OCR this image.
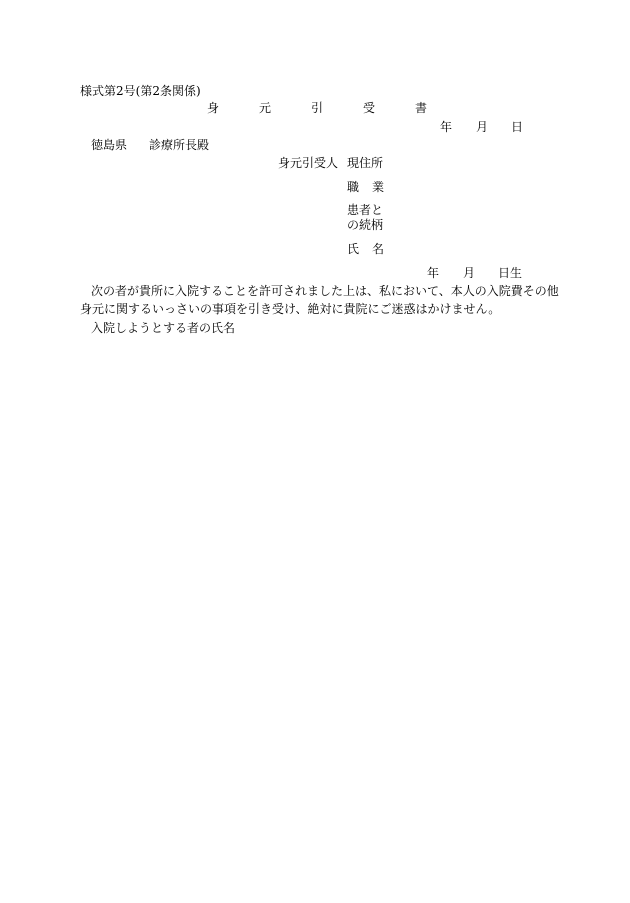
様式第2号(第2条関係)
身	元	引	受	書
年 月 日
徳島県 診療所長殿
身元引受人 現住所
職 業
患者と
の続柄
氏 名
年 月 日生
次の者が貴所に入院することを許可されました上は、私において、本人の入院費その他
身元に関するいっさいの事項を引き受け、絶対に貴院にご迷惑はかけません。
入院しようとする者の氏名
